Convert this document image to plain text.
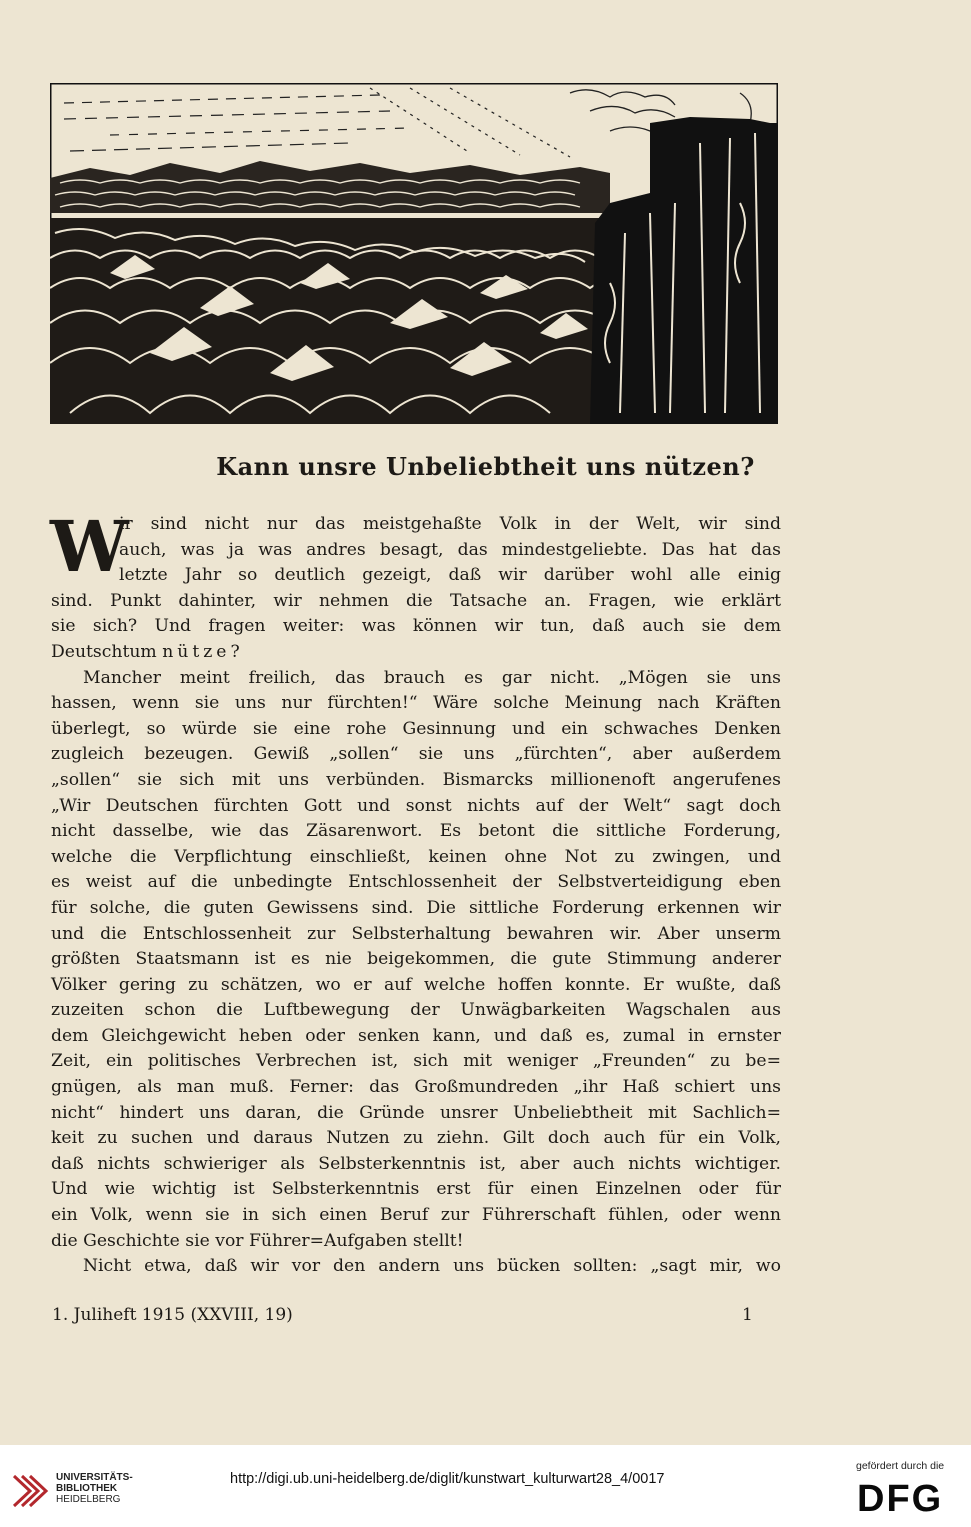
Kann unsre Unbeliebtheit uns nützen?
W
ir sind nicht nur das meistgehaßte Volk in der Welt, wir sind
auch, was ja was andres besagt, das mindestgeliebte. Das hat das
letzte Jahr so deutlich gezeigt, daß wir darüber wohl alle einig
sind. Punkt dahinter, wir nehmen die Tatsache an. Fragen, wie erklärt
sie sich? Und fragen weiter: was können wir tun, daß auch sie dem
Deutschtum nütze?
Mancher meint freilich, das brauch es gar nicht. „Mögen sie uns
hassen, wenn sie uns nur fürchten!“ Wäre solche Meinung nach Kräften
überlegt, so würde sie eine rohe Gesinnung und ein schwaches Denken
zugleich bezeugen. Gewiß „sollen“ sie uns „fürchten“, aber außerdem
„sollen“ sie sich mit uns verbünden. Bismarcks millionenoft angerufenes
„Wir Deutschen fürchten Gott und sonst nichts auf der Welt“ sagt doch
nicht dasselbe, wie das Zäsarenwort. Es betont die sittliche Forderung,
welche die Verpflichtung einschließt, keinen ohne Not zu zwingen, und
es weist auf die unbedingte Entschlossenheit der Selbstverteidigung eben
für solche, die guten Gewissens sind. Die sittliche Forderung erkennen wir
und die Entschlossenheit zur Selbsterhaltung bewahren wir. Aber unserm
größten Staatsmann ist es nie beigekommen, die gute Stimmung anderer
Völker gering zu schätzen, wo er auf welche hoffen konnte. Er wußte, daß
zuzeiten schon die Luftbewegung der Unwägbarkeiten Wagschalen aus
dem Gleichgewicht heben oder senken kann, und daß es, zumal in ernster
Zeit, ein politisches Verbrechen ist, sich mit weniger „Freunden“ zu be=
gnügen, als man muß. Ferner: das Großmundreden „ihr Haß schiert uns
nicht“ hindert uns daran, die Gründe unsrer Unbeliebtheit mit Sachlich=
keit zu suchen und daraus Nutzen zu ziehn. Gilt doch auch für ein Volk,
daß nichts schwieriger als Selbsterkenntnis ist, aber auch nichts wichtiger.
Und wie wichtig ist Selbsterkenntnis erst für einen Einzelnen oder für
ein Volk, wenn sie in sich einen Beruf zur Führerschaft fühlen, oder wenn
die Geschichte sie vor Führer=Aufgaben stellt!
Nicht etwa, daß wir vor den andern uns bücken sollten: „sagt mir, wo
1. Juliheft 1915 (XXVIII, 19)	1
UNIVERSITÄTS-
BIBLIOTHEK
HEIDELBERG
http://digi.ub.uni-heidelberg.de/diglit/kunstwart_kulturwart28_4/0017
gefördert durch die
DFG
